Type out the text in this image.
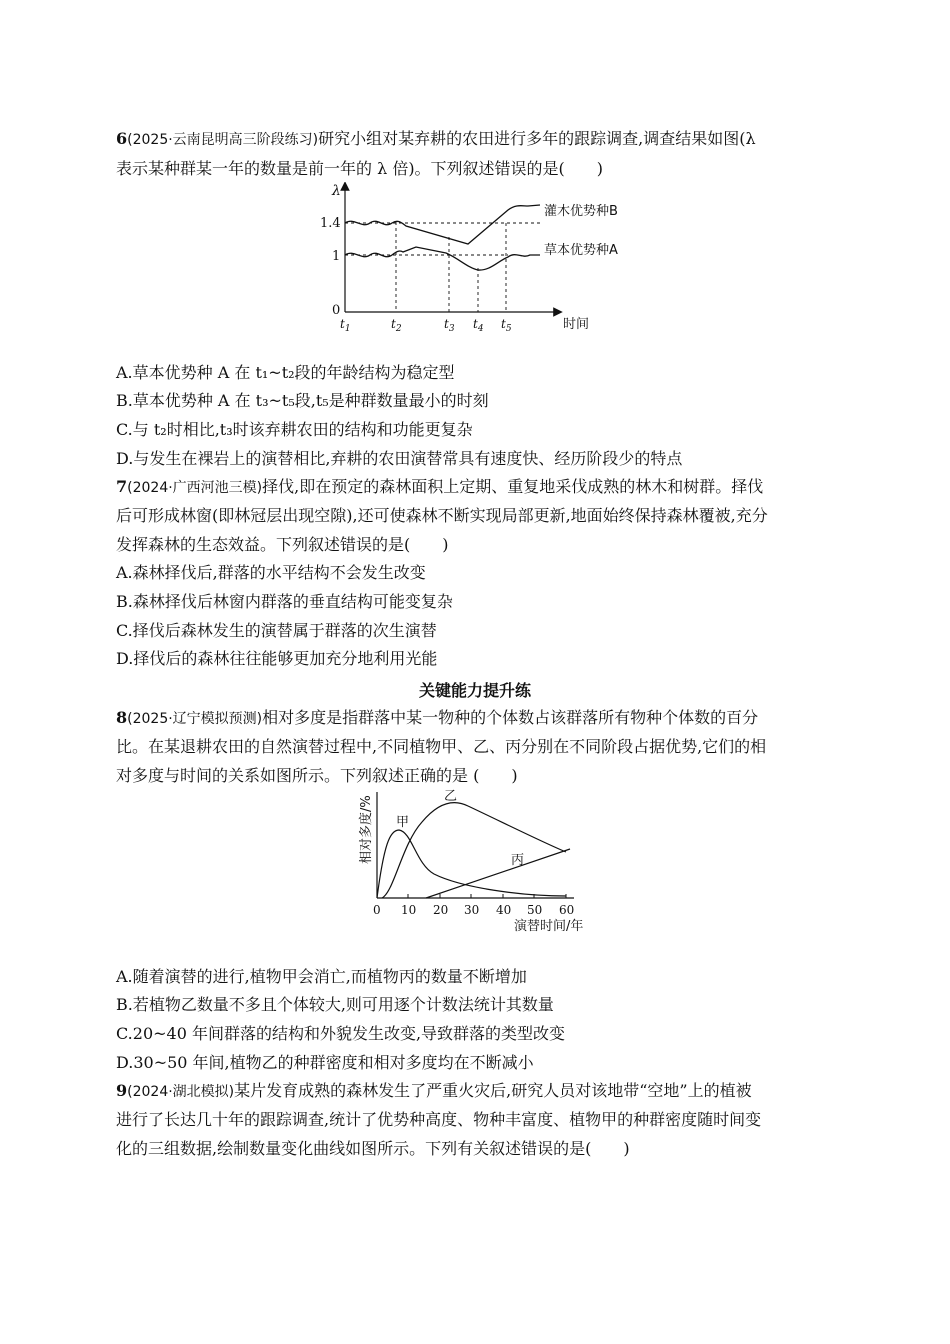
6(2025·云南昆明高三阶段练习)研究小组对某弃耕的农田进行多年的跟踪调查,调查结果如图(λ
表示某种群某一年的数量是前一年的 λ 倍)。下列叙述错误的是(　　)
λ
1.4
1
0
灌木优势种B
草本优势种A
$t_1$	$t_2$	$t_3$ $t_4$ $t_5$	时间
A.草本优势种 A 在 t₁~t₂段的年龄结构为稳定型
B.草本优势种 A 在 t₃~t₅段,t₅是种群数量最小的时刻
C.与 t₂时相比,t₃时该弃耕农田的结构和功能更复杂
D.与发生在裸岩上的演替相比,弃耕的农田演替常具有速度快、经历阶段少的特点
7(2024·广西河池三模)择伐,即在预定的森林面积上定期、重复地采伐成熟的林木和树群。择伐
后可形成林窗(即林冠层出现空隙),还可使森林不断实现局部更新,地面始终保持森林覆被,充分
发挥森林的生态效益。下列叙述错误的是(　　)
A.森林择伐后,群落的水平结构不会发生改变
B.森林择伐后林窗内群落的垂直结构可能变复杂
C.择伐后森林发生的演替属于群落的次生演替
D.择伐后的森林往往能够更加充分地利用光能
关键能力提升练
8(2025·辽宁模拟预测)相对多度是指群落中某一物种的个体数占该群落所有物种个体数的百分
比。在某退耕农田的自然演替过程中,不同植物甲、乙、丙分别在不同阶段占据优势,它们的相
对多度与时间的关系如图所示。下列叙述正确的是 (　　)
相对多度/% 甲
乙
丙
0 10 20 30 40 50 60
演替时间/年
A.随着演替的进行,植物甲会消亡,而植物丙的数量不断增加
B.若植物乙数量不多且个体较大,则可用逐个计数法统计其数量
C.20~40 年间群落的结构和外貌发生改变,导致群落的类型改变
D.30~50 年间,植物乙的种群密度和相对多度均在不断减小
9(2024·湖北模拟)某片发育成熟的森林发生了严重火灾后,研究人员对该地带“空地”上的植被
进行了长达几十年的跟踪调查,统计了优势种高度、物种丰富度、植物甲的种群密度随时间变
化的三组数据,绘制数量变化曲线如图所示。下列有关叙述错误的是(　　)
